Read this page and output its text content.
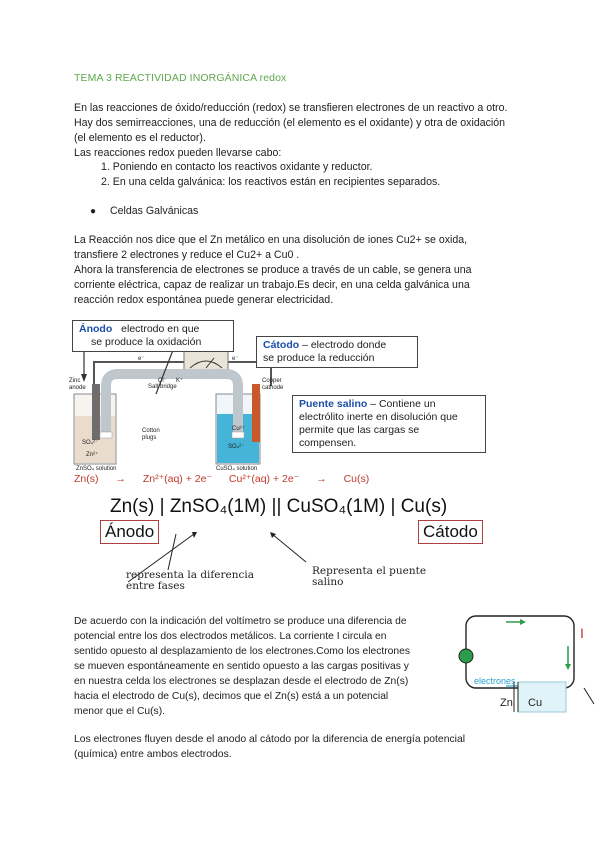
TEMA 3 REACTIVIDAD INORGÁNICA redox
En las reacciones de óxido/reducción (redox) se transfieren electrones de un reactivo a otro.
Hay dos semirreacciones, una de reducción (el elemento es el oxidante) y otra de oxidación
(el elemento es el reductor).
Las reacciones redox pueden llevarse cabo:
1. Poniendo en contacto los reactivos oxidante y reductor.
2. En una celda galvánica: los reactivos están en recipientes separados.
● Celdas Galvánicas
La Reacción nos dice que el Zn metálico en una disolución de iones Cu2+ se oxida,
transfiere 2 electrones y reduce el Cu2+ a Cu0 .
Ahora la transferencia de electrones se produce a través de un cable, se genera una
corriente eléctrica, capaz de realizar un trabajo.Es decir, en una celda galvánica una
reacción redox espontánea puede generar electricidad.
Ánodo electrodo en que
se produce la oxidación	Cátodo – electrodo donde
se produce la reducción
Puente salino – Contiene un
electrólito inerte en disolución que
permite que las cargas se compensen.
Zinc
anode
Copper
cathode
Salt bridge
Cotton
plugs
ZnSO₄ solution	CuSO₄ solution
e⁻	e⁻
Cl⁻ K⁺
SO₄²⁻
Zn²⁺
Cu²⁺
SO₄²⁻
Zn(s) → Zn²⁺(aq) + 2e⁻ Cu²⁺(aq) + 2e⁻ → Cu(s)
Zn(s) | ZnSO₄(1M) || CuSO₄(1M) | Cu(s)
Ánodo	Cátodo
representa la diferencia
entre fases
Representa el puente
salino
De acuerdo con la indicación del voltímetro se produce una diferencia de
potencial entre los dos electrodos metálicos. La corriente I circula en
sentido opuesto al desplazamiento de los electrones.Como los electrones
se mueven espontáneamente en sentido opuesto a las cargas positivas y
en nuestra celda los electrones se desplazan desde el electrodo de Zn(s)
hacia el electrodo de Cu(s), decimos que el Zn(s) está a un potencial
menor que el Cu(s).
electrones
Zn Cu
I
Los electrones fluyen desde el anodo al cátodo por la diferencia de energía potencial
(química) entre ambos electrodos.
